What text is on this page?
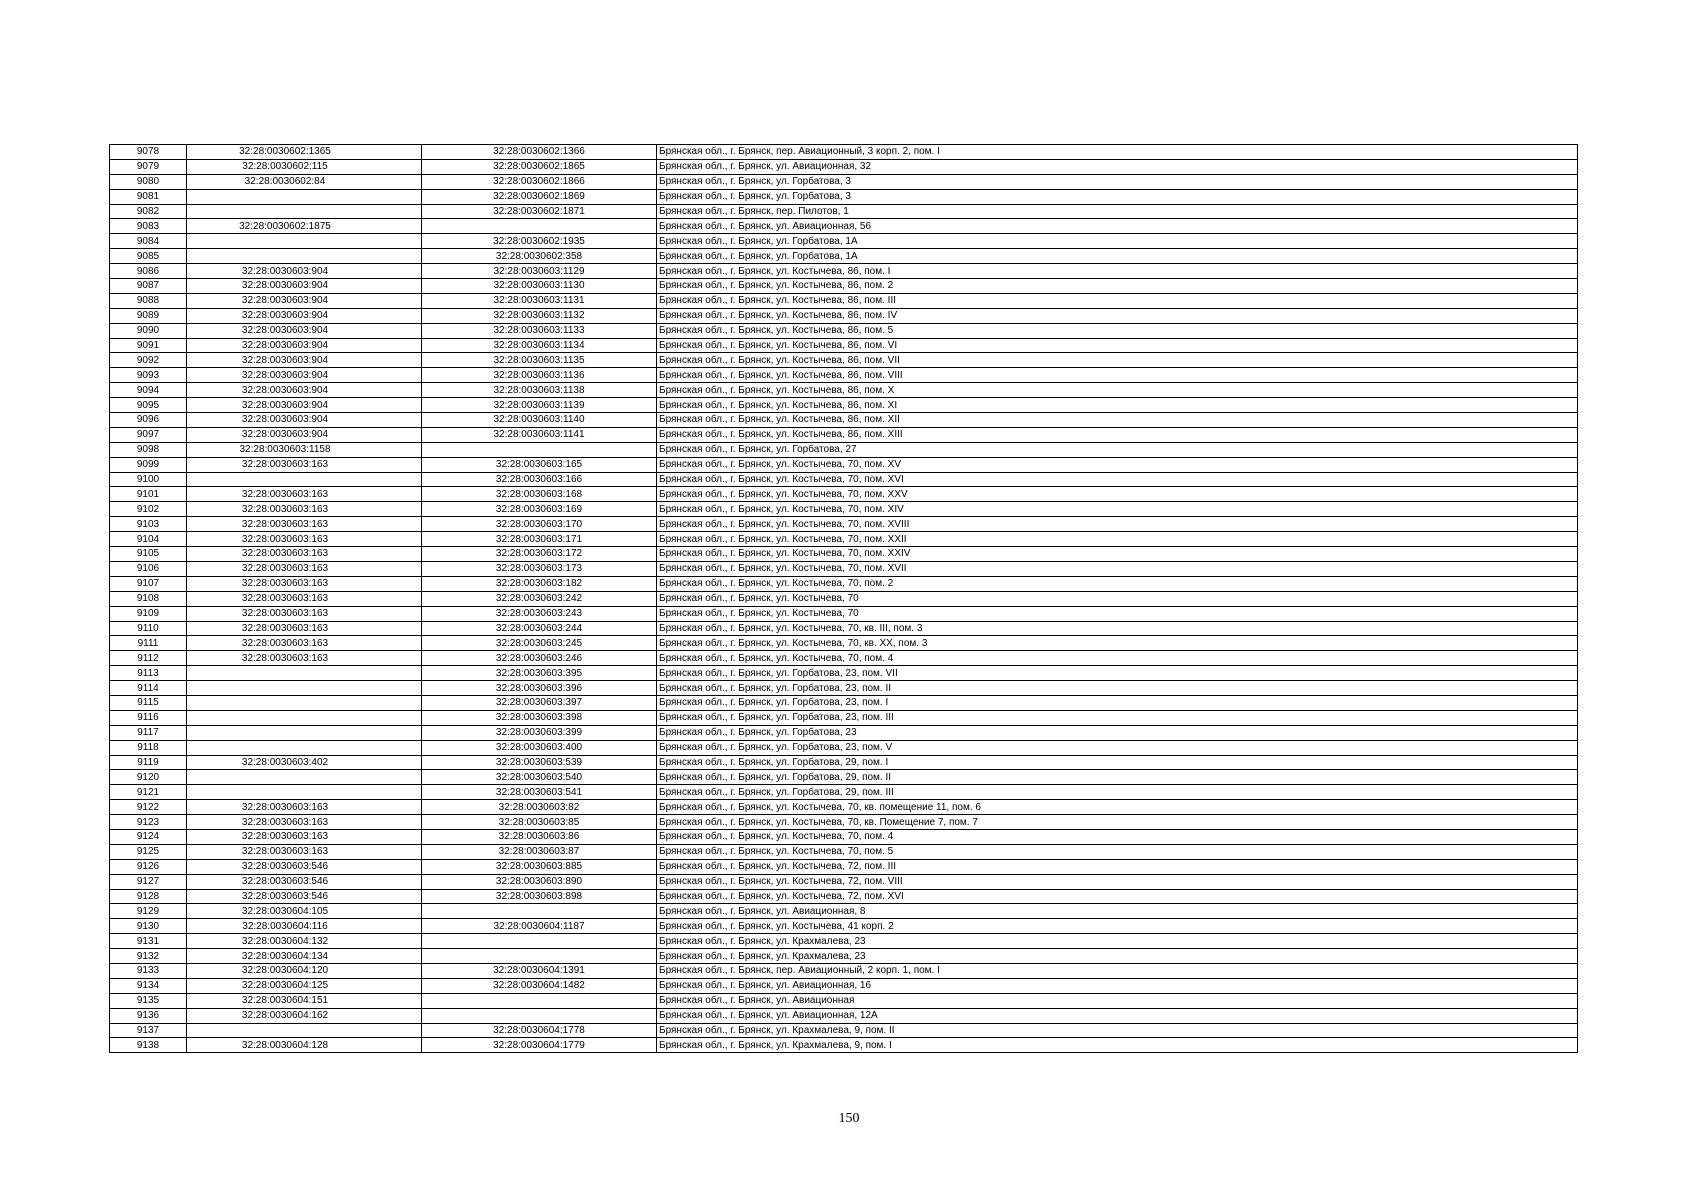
9078	32:28:0030602:1365	32:28:0030602:1366	Брянская обл., г. Брянск, пер. Авиационный, 3 корп. 2, пом. I
9079	32:28:0030602:115	32:28:0030602:1865	Брянская обл., г. Брянск, ул. Авиационная, 32
9080	32:28:0030602:84	32:28:0030602:1866	Брянская обл., г. Брянск, ул. Горбатова, 3
9081		32:28:0030602:1869	Брянская обл., г. Брянск, ул. Горбатова, 3
9082		32:28:0030602:1871	Брянская обл., г. Брянск, пер. Пилотов, 1
9083	32:28:0030602:1875		Брянская обл., г. Брянск, ул. Авиационная, 56
9084		32:28:0030602:1935	Брянская обл., г. Брянск, ул. Горбатова, 1А
9085		32:28:0030602:358	Брянская обл., г. Брянск, ул. Горбатова, 1А
9086	32:28:0030603:904	32:28:0030603:1129	Брянская обл., г. Брянск, ул. Костычева, 86, пом. I
9087	32:28:0030603:904	32:28:0030603:1130	Брянская обл., г. Брянск, ул. Костычева, 86, пом. 2
9088	32:28:0030603:904	32:28:0030603:1131	Брянская обл., г. Брянск, ул. Костычева, 86, пом. III
9089	32:28:0030603:904	32:28:0030603:1132	Брянская обл., г. Брянск, ул. Костычева, 86, пом. IV
9090	32:28:0030603:904	32:28:0030603:1133	Брянская обл., г. Брянск, ул. Костычева, 86, пом. 5
9091	32:28:0030603:904	32:28:0030603:1134	Брянская обл., г. Брянск, ул. Костычева, 86, пом. VI
9092	32:28:0030603:904	32:28:0030603:1135	Брянская обл., г. Брянск, ул. Костычева, 86, пом. VII
9093	32:28:0030603:904	32:28:0030603:1136	Брянская обл., г. Брянск, ул. Костычева, 86, пом. VIII
9094	32:28:0030603:904	32:28:0030603:1138	Брянская обл., г. Брянск, ул. Костычева, 86, пом. X
9095	32:28:0030603:904	32:28:0030603:1139	Брянская обл., г. Брянск, ул. Костычева, 86, пом. XI
9096	32:28:0030603:904	32:28:0030603:1140	Брянская обл., г. Брянск, ул. Костычева, 86, пом. XII
9097	32:28:0030603:904	32:28:0030603:1141	Брянская обл., г. Брянск, ул. Костычева, 86, пом. XIII
9098	32:28:0030603:1158		Брянская обл., г. Брянск, ул. Горбатова, 27
9099	32:28:0030603:163	32:28:0030603:165	Брянская обл., г. Брянск, ул. Костычева, 70, пом. XV
9100		32:28:0030603:166	Брянская обл., г. Брянск, ул. Костычева, 70, пом. XVI
9101	32:28:0030603:163	32:28:0030603:168	Брянская обл., г. Брянск, ул. Костычева, 70, пом. XXV
9102	32:28:0030603:163	32:28:0030603:169	Брянская обл., г. Брянск, ул. Костычева, 70, пом. XIV
9103	32:28:0030603:163	32:28:0030603:170	Брянская обл., г. Брянск, ул. Костычева, 70, пом. XVIII
9104	32:28:0030603:163	32:28:0030603:171	Брянская обл., г. Брянск, ул. Костычева, 70, пом. XXII
9105	32:28:0030603:163	32:28:0030603:172	Брянская обл., г. Брянск, ул. Костычева, 70, пом. XXIV
9106	32:28:0030603:163	32:28:0030603:173	Брянская обл., г. Брянск, ул. Костычева, 70, пом. XVII
9107	32:28:0030603:163	32:28:0030603:182	Брянская обл., г. Брянск, ул. Костычева, 70, пом. 2
9108	32:28:0030603:163	32:28:0030603:242	Брянская обл., г. Брянск, ул. Костычева, 70
9109	32:28:0030603:163	32:28:0030603:243	Брянская обл., г. Брянск, ул. Костычева, 70
9110	32:28:0030603:163	32:28:0030603:244	Брянская обл., г. Брянск, ул. Костычева, 70, кв. III, пом. 3
9111	32:28:0030603:163	32:28:0030603:245	Брянская обл., г. Брянск, ул. Костычева, 70, кв. XX, пом. 3
9112	32:28:0030603:163	32:28:0030603:246	Брянская обл., г. Брянск, ул. Костычева, 70, пом. 4
9113		32:28:0030603:395	Брянская обл., г. Брянск, ул. Горбатова, 23, пом. VII
9114		32:28:0030603:396	Брянская обл., г. Брянск, ул. Горбатова, 23, пом. II
9115		32:28:0030603:397	Брянская обл., г. Брянск, ул. Горбатова, 23, пом. I
9116		32:28:0030603:398	Брянская обл., г. Брянск, ул. Горбатова, 23, пом. III
9117		32:28:0030603:399	Брянская обл., г. Брянск, ул. Горбатова, 23
9118		32:28:0030603:400	Брянская обл., г. Брянск, ул. Горбатова, 23, пом. V
9119	32:28:0030603:402	32:28:0030603:539	Брянская обл., г. Брянск, ул. Горбатова, 29, пом. I
9120		32:28:0030603:540	Брянская обл., г. Брянск, ул. Горбатова, 29, пом. II
9121		32:28:0030603:541	Брянская обл., г. Брянск, ул. Горбатова, 29, пом. III
9122	32:28:0030603:163	32:28:0030603:82	Брянская обл., г. Брянск, ул. Костычева, 70, кв. помещение 11, пом. 6
9123	32:28:0030603:163	32:28:0030603:85	Брянская обл., г. Брянск, ул. Костычева, 70, кв. Помещение 7, пом. 7
9124	32:28:0030603:163	32:28:0030603:86	Брянская обл., г. Брянск, ул. Костычева, 70, пом. 4
9125	32:28:0030603:163	32:28:0030603:87	Брянская обл., г. Брянск, ул. Костычева, 70, пом. 5
9126	32:28:0030603:546	32:28:0030603:885	Брянская обл., г. Брянск, ул. Костычева, 72, пом. III
9127	32:28:0030603:546	32:28:0030603:890	Брянская обл., г. Брянск, ул. Костычева, 72, пом. VIII
9128	32:28:0030603:546	32:28:0030603:898	Брянская обл., г. Брянск, ул. Костычева, 72, пом. XVI
9129	32:28:0030604:105		Брянская обл., г. Брянск, ул. Авиационная, 8
9130	32:28:0030604:116	32:28:0030604:1187	Брянская обл., г. Брянск, ул. Костычева, 41 корп. 2
9131	32:28:0030604:132		Брянская обл., г. Брянск, ул. Крахмалева, 23
9132	32:28:0030604:134		Брянская обл., г. Брянск, ул. Крахмалева, 23
9133	32:28:0030604:120	32:28:0030604:1391	Брянская обл., г. Брянск, пер. Авиационный, 2 корп. 1, пом. I
9134	32:28:0030604:125	32:28:0030604:1482	Брянская обл., г. Брянск, ул. Авиационная, 16
9135	32:28:0030604:151		Брянская обл., г. Брянск, ул. Авиационная
9136	32:28:0030604:162		Брянская обл., г. Брянск, ул. Авиационная, 12А
9137		32:28:0030604:1778	Брянская обл., г. Брянск, ул. Крахмалева, 9, пом. II
9138	32:28:0030604:128	32:28:0030604:1779	Брянская обл., г. Брянск, ул. Крахмалева, 9, пом. I
150
